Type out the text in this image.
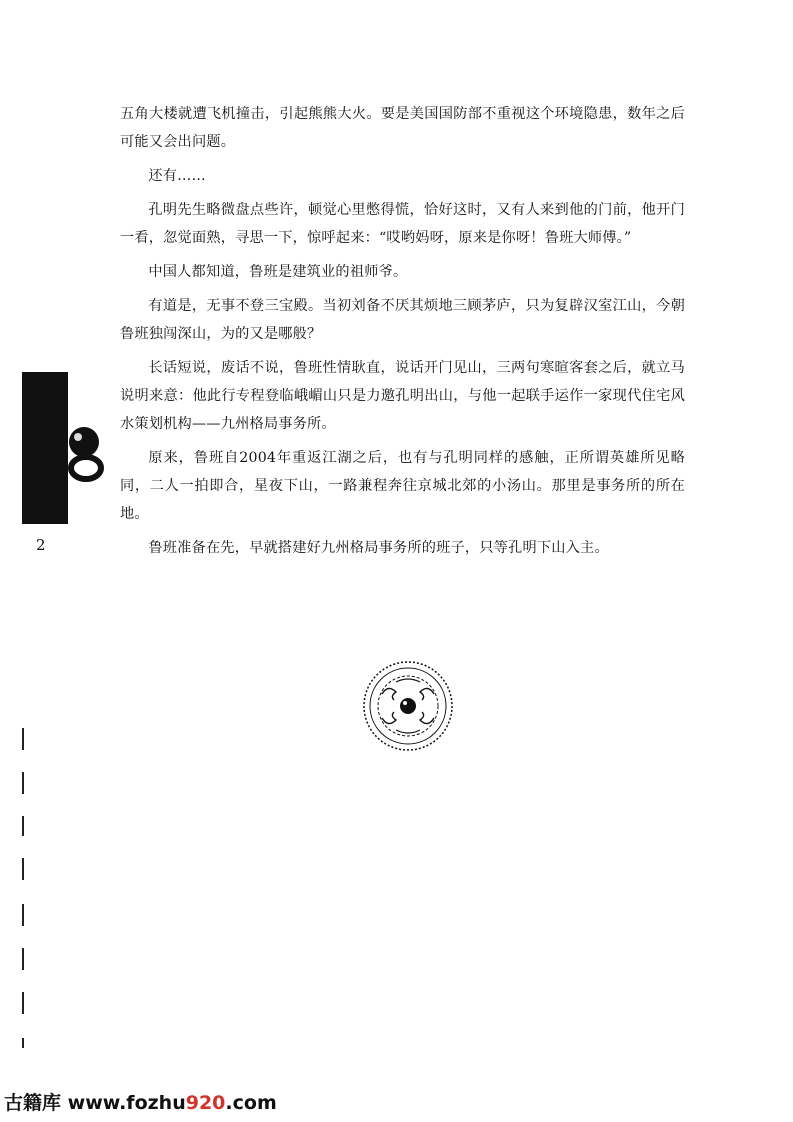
五角大楼就遭飞机撞击，引起熊熊大火。要是美国国防部不重视这个环境隐患，数年之后可能又会出问题。

还有……

孔明先生略微盘点些许，顿觉心里憋得慌，恰好这时，又有人来到他的门前，他开门一看，忽觉面熟，寻思一下，惊呼起来：“哎哟妈呀，原来是你呀！鲁班大师傅。”

中国人都知道，鲁班是建筑业的祖师爷。

有道是，无事不登三宝殿。当初刘备不厌其烦地三顾茅庐，只为复辟汉室江山，今朝鲁班独闯深山，为的又是哪般？

长话短说，废话不说，鲁班性情耿直，说话开门见山，三两句寒暄客套之后，就立马说明来意：他此行专程登临峨嵋山只是力邀孔明出山，与他一起联手运作一家现代住宅风水策划机构——九州格局事务所。

原来，鲁班自2004年重返江湖之后，也有与孔明同样的感触，正所谓英雄所见略同，二人一拍即合，星夜下山，一路兼程奔往京城北郊的小汤山。那里是事务所的所在地。

鲁班准备在先，早就搭建好九州格局事务所的班子，只等孔明下山入主。

2
古籍库 www.fozhu920.com
